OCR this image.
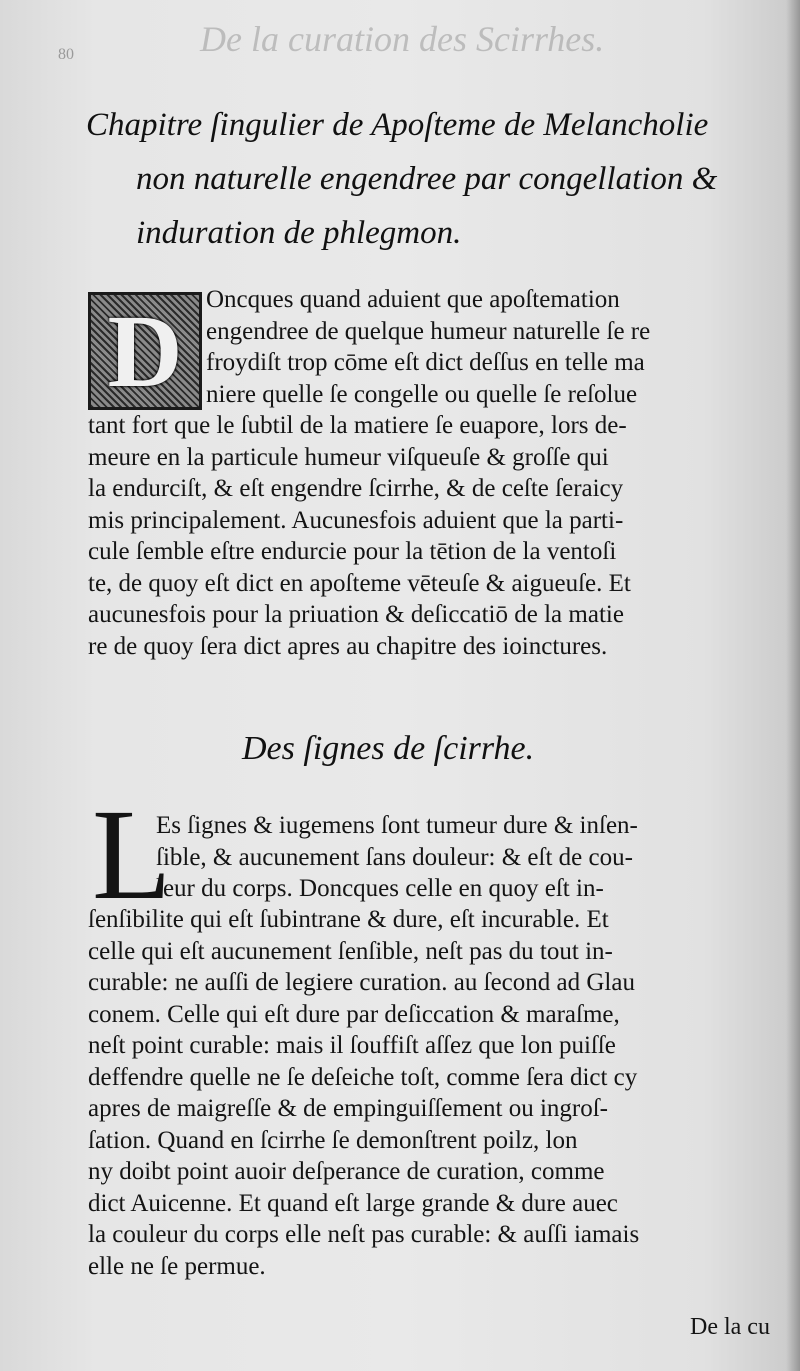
De la curation des Scirrhes.
80
Chapitre ſingulier de Apoſteme de Melancholie
non naturelle engendree par congellation &
induration de phlegmon.
D Oncques quand aduient que apoſtemation
engendree de quelque humeur naturelle ſe re
froydiſt trop cōme eſt dict deſſus en telle ma
niere quelle ſe congelle ou quelle ſe reſolue
tant fort que le ſubtil de la matiere ſe euapore, lors de-
meure en la particule humeur viſqueuſe & groſſe qui
la endurciſt, & eſt engendre ſcirrhe, & de ceſte ſeraicy
mis principalement. Aucunesfois aduient que la parti-
cule ſemble eſtre endurcie pour la tētion de la ventoſi
te, de quoy eſt dict en apoſteme vēteuſe & aigueuſe. Et
aucunesfois pour la priuation & deſiccatiō de la matie
re de quoy ſera dict apres au chapitre des ioinctures.
Des ſignes de ſcirrhe.
L
Es ſignes & iugemens ſont tumeur dure & inſen-
ſible, & aucunement ſans douleur: & eſt de cou-
leur du corps. Doncques celle en quoy eſt in-
ſenſibilite qui eſt ſubintrane & dure, eſt incurable. Et
celle qui eſt aucunement ſenſible, neſt pas du tout in-
curable: ne auſſi de legiere curation. au ſecond ad Glau
conem. Celle qui eſt dure par deſiccation & maraſme,
neſt point curable: mais il ſouffiſt aſſez que lon puiſſe
deffendre quelle ne ſe deſeiche toſt, comme ſera dict cy
apres de maigreſſe & de empinguiſſement ou ingroſ-
ſation. Quand en ſcirrhe ſe demonſtrent poilz, lon
ny doibt point auoir deſperance de curation, comme
dict Auicenne. Et quand eſt large grande & dure auec
la couleur du corps elle neſt pas curable: & auſſi iamais
elle ne ſe permue.
De la cu
